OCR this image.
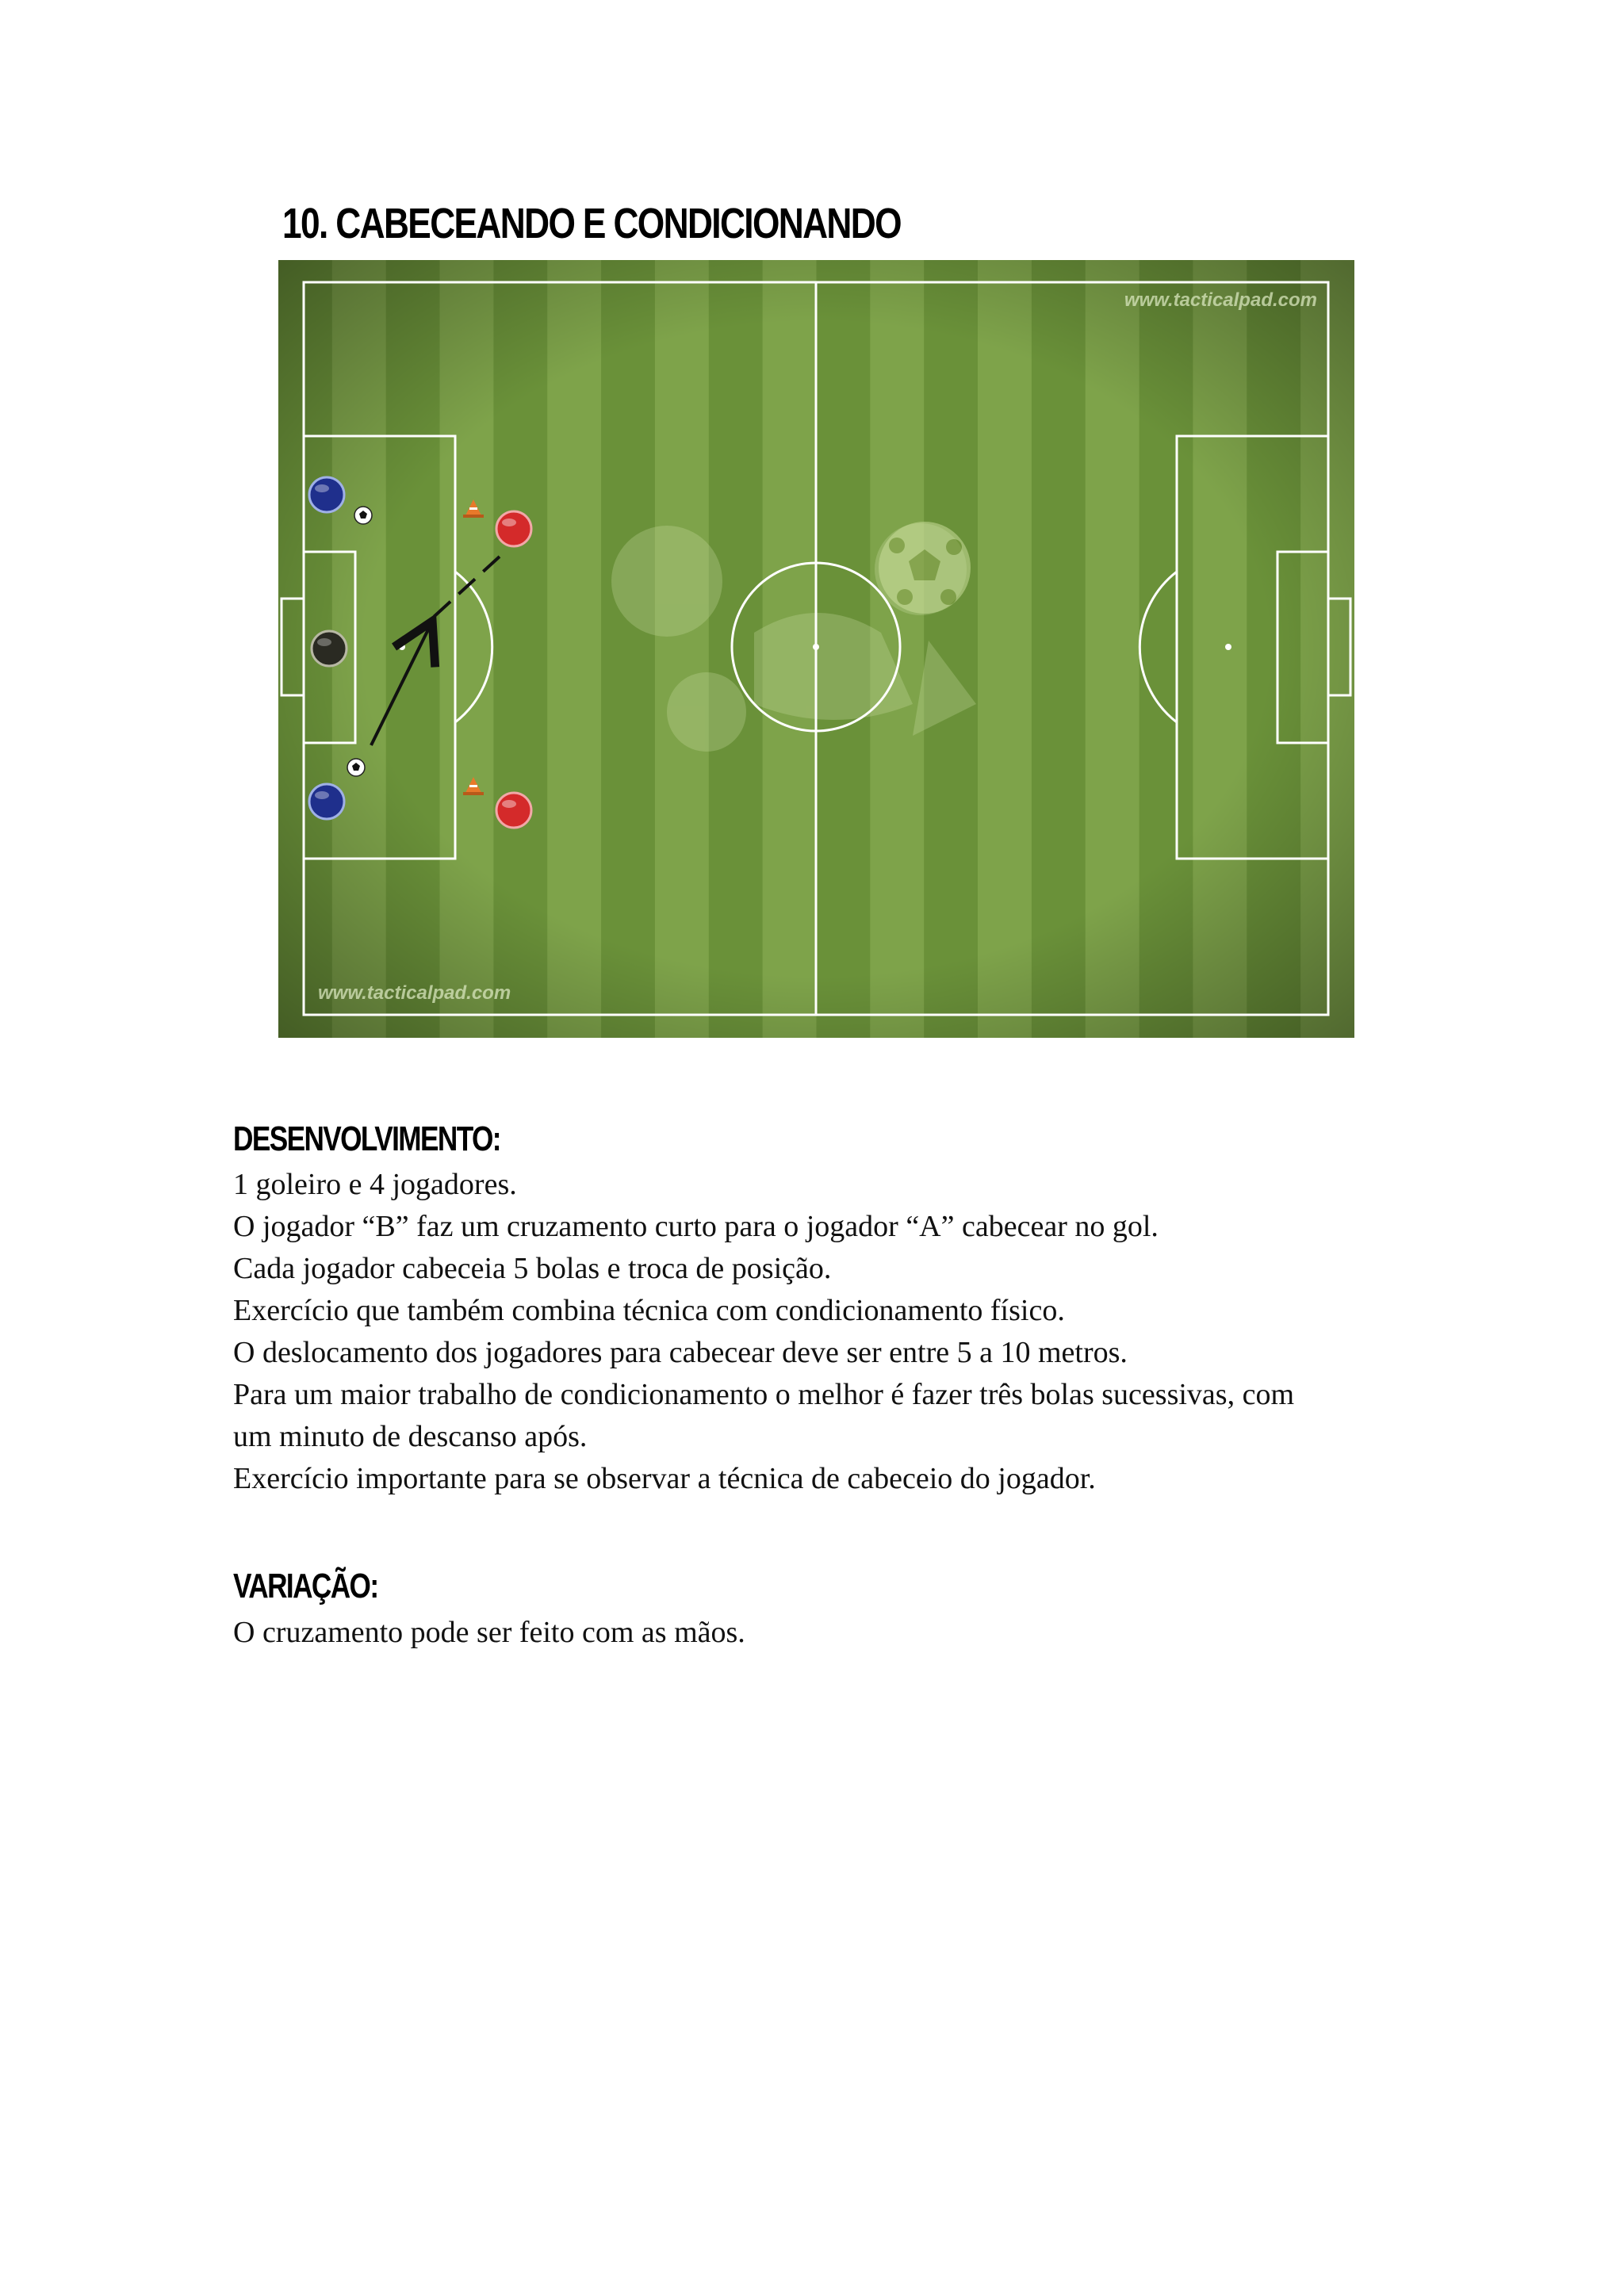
10. CABECEANDO E CONDICIONANDO
www.tacticalpad.com
www.tacticalpad.com
DESENVOLVIMENTO:

1 goleiro e 4 jogadores.

O jogador “B” faz um cruzamento curto para o jogador “A” cabecear no gol.

Cada jogador cabeceia 5 bolas e troca de posição.

Exercício que também combina técnica com condicionamento físico.

O deslocamento dos jogadores para cabecear deve ser entre 5 a 10 metros.

Para um maior trabalho de condicionamento o melhor é fazer três bolas sucessivas, com

um minuto de descanso após.

Exercício importante para se observar a técnica de cabeceio do jogador.

VARIAÇÃO:

O cruzamento pode ser feito com as mãos.
